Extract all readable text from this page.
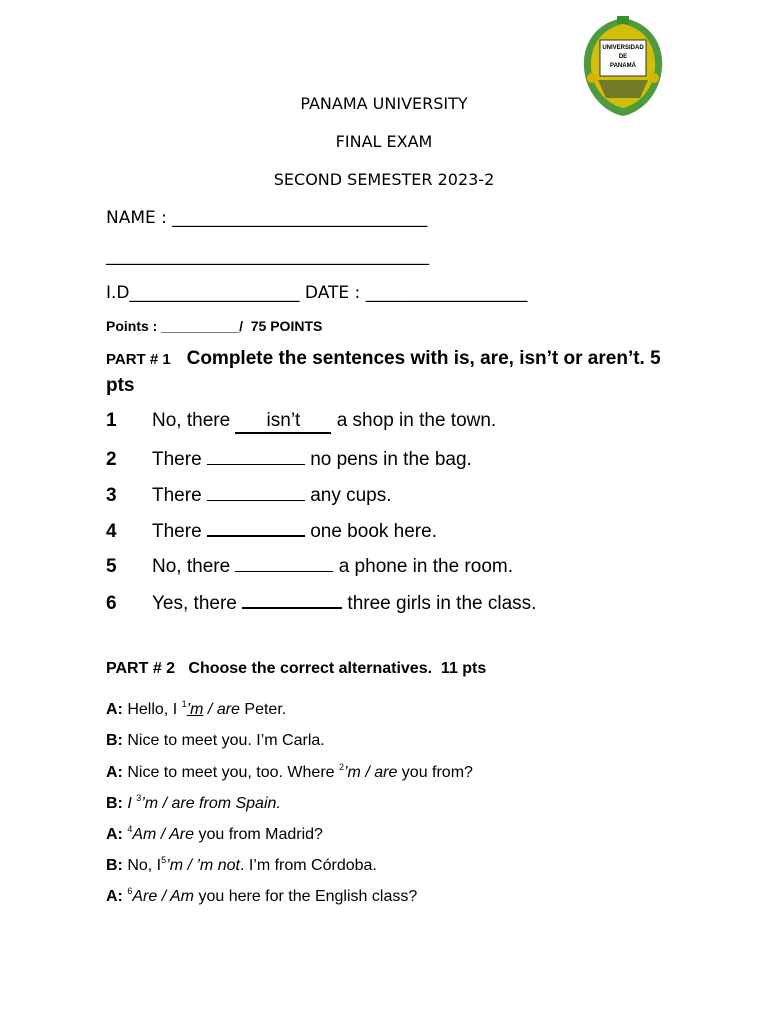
UNIVERSIDAD
DE
PANAMÁ
PANAMA UNIVERSITY
FINAL EXAM
SECOND SEMESTER 2023-2
NAME : ______________________________
______________________________________
I.D____________________ DATE : ___________________
Points : __________/  75 POINTS
PART # 1 Complete the sentences with is, are, isn’t or aren’t. 5 pts
1 No, there isn’t a shop in the town.
2 There	no pens in the bag.
3 There	any cups.
4 There	one book here.
5 No, there	a phone in the room.
6 Yes, there	three girls in the class.
PART # 2   Choose the correct alternatives.  11 pts
A: Hello, I $^1$’m / are Peter.
B: Nice to meet you. I’m Carla.
A: Nice to meet you, too. Where $^2$’m / are you from?
B: I $^3$’m / are from Spain.
A: $^4$Am / Are you from Madrid?
B: No, $I^5’m$ / ’m not. I’m from Córdoba.
A: $^6$Are / Am you here for the English class?
